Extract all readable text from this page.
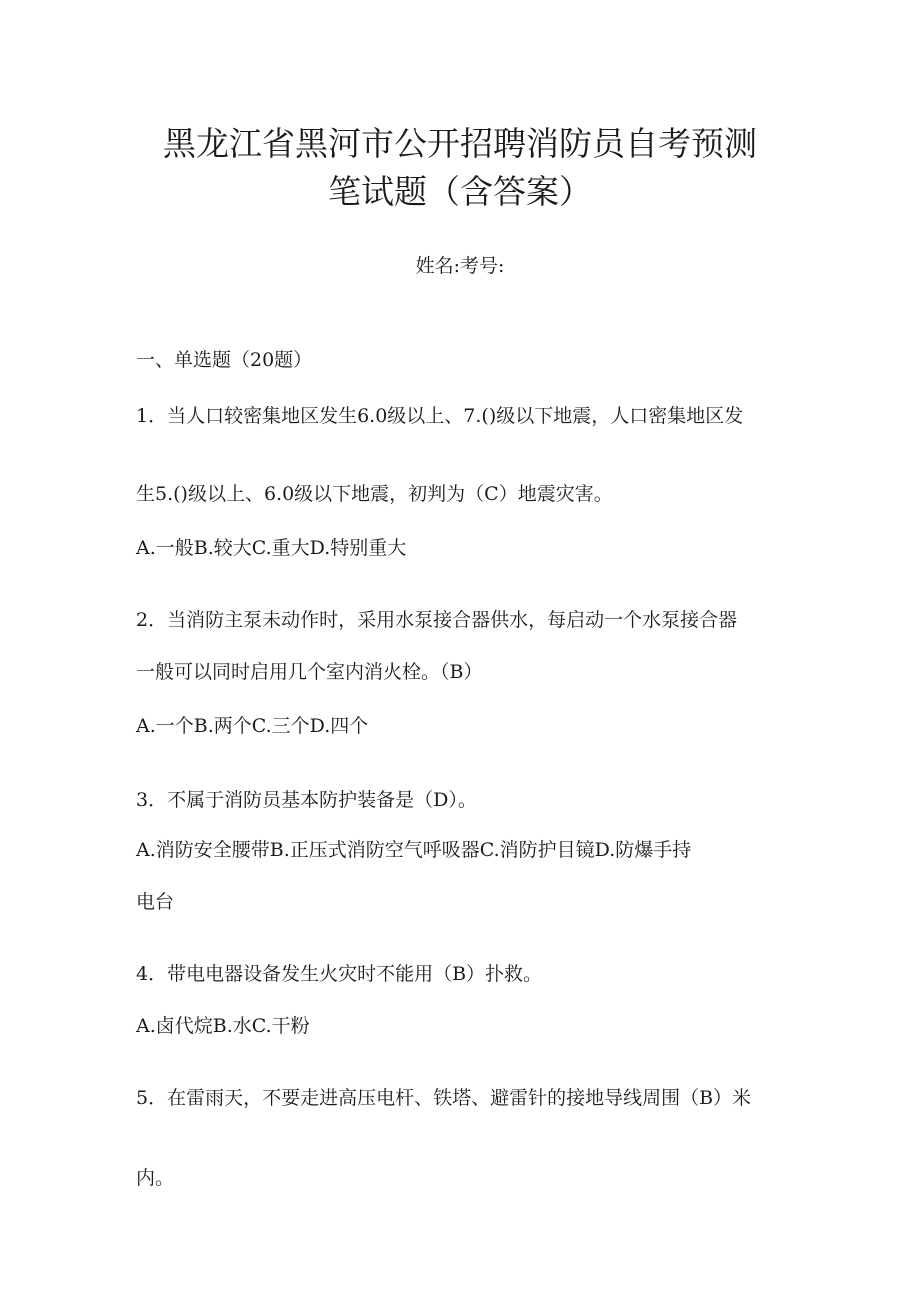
黑龙江省黑河市公开招聘消防员自考预测
笔试题（含答案）
姓名:考号:
一、单选题（20题）
1．当人口较密集地区发生6.0级以上、7.()级以下地震，人口密集地区发
生5.()级以上、6.0级以下地震，初判为（C）地震灾害。
A.一般B.较大C.重大D.特别重大
2．当消防主泵未动作时，采用水泵接合器供水，每启动一个水泵接合器
一般可以同时启用几个室内消火栓。（B）
A.一个B.两个C.三个D.四个
3．不属于消防员基本防护装备是（D）。
A.消防安全腰带B.正压式消防空气呼吸器C.消防护目镜D.防爆手持
电台
4．带电电器设备发生火灾时不能用（B）扑救。
A.卤代烷B.水C.干粉
5．在雷雨天，不要走进高压电杆、铁塔、避雷针的接地导线周围（B）米
内。
